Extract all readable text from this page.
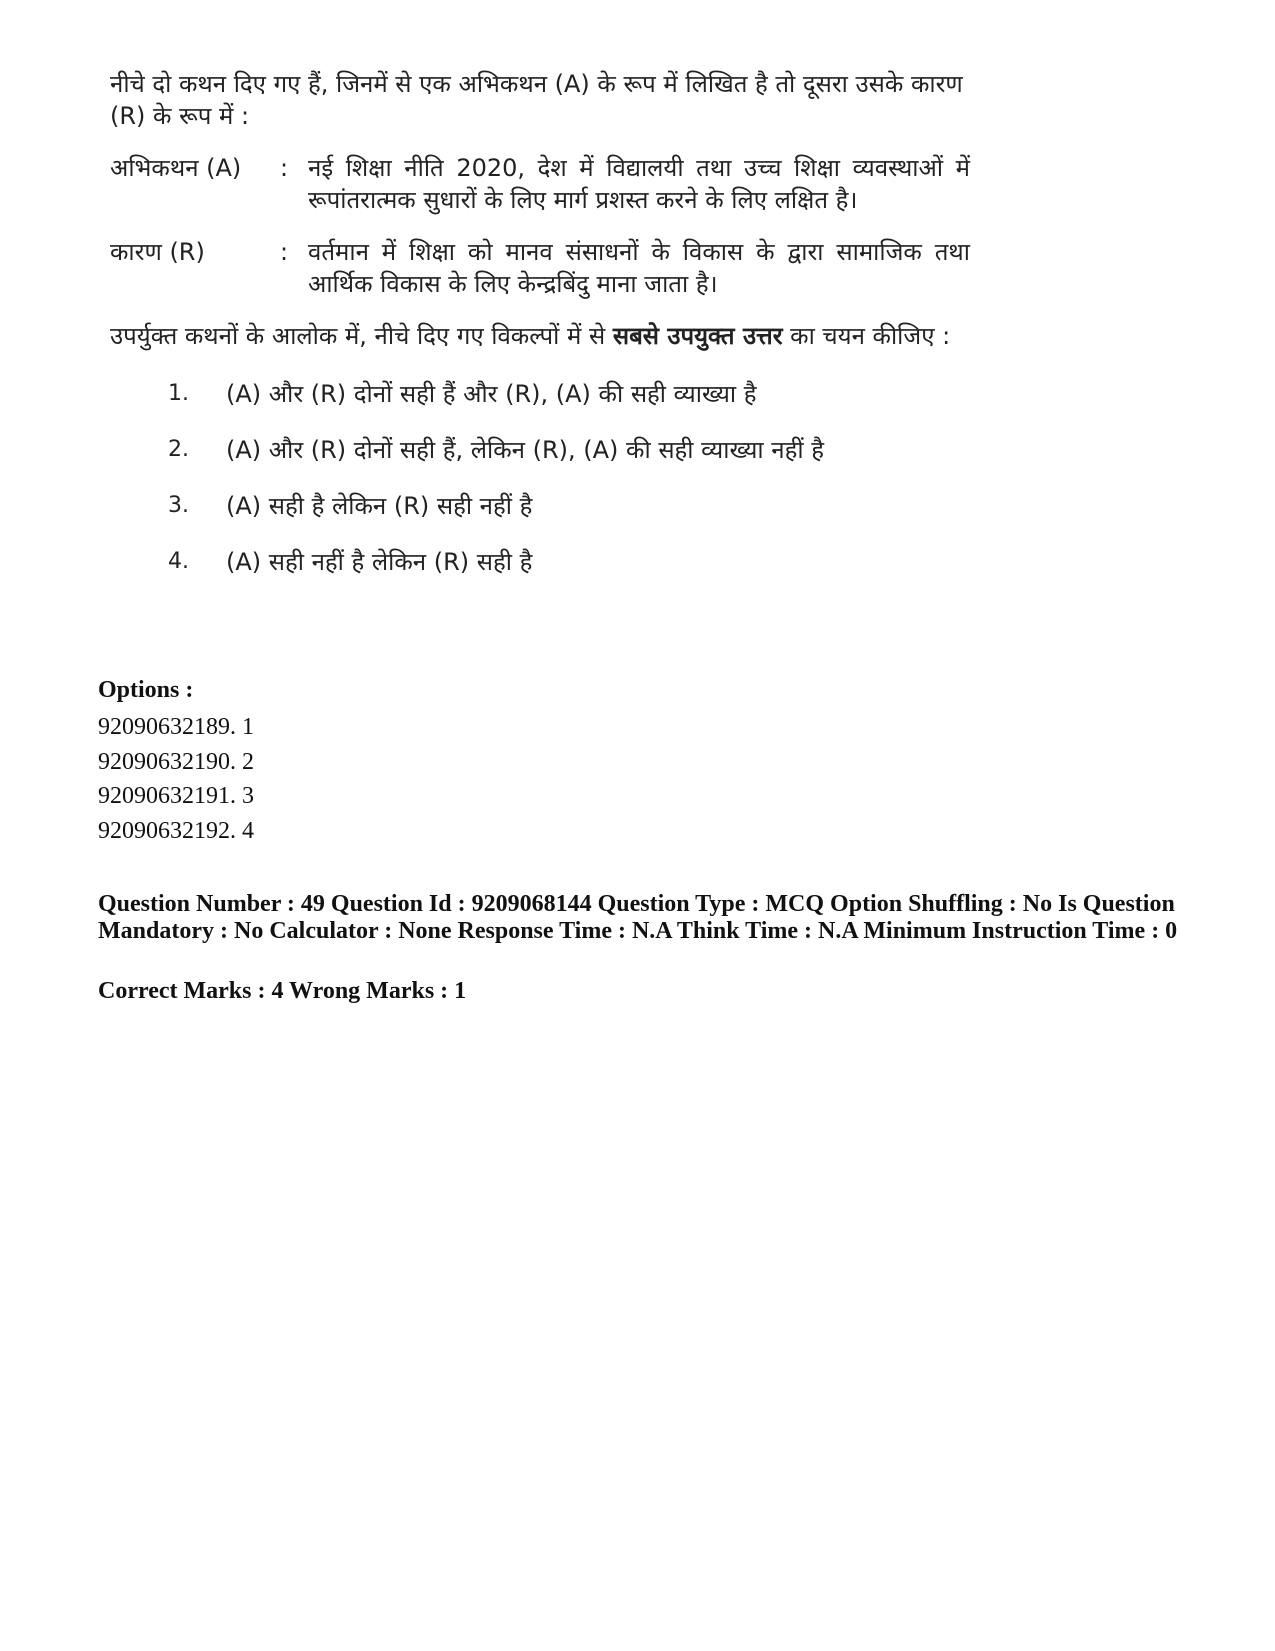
नीचे दो कथन दिए गए हैं, जिनमें से एक अभिकथन (A) के रूप में लिखित है तो दूसरा उसके कारण (R) के रूप में :

अभिकथन (A)	: नई शिक्षा नीति 2020, देश में विद्यालयी तथा उच्च शिक्षा व्यवस्थाओं में रूपांतरात्मक सुधारों के लिए मार्ग प्रशस्त करने के लिए लक्षित है।
कारण (R)	: वर्तमान में शिक्षा को मानव संसाधनों के विकास के द्वारा सामाजिक तथा आर्थिक विकास के लिए केन्द्रबिंदु माना जाता है।
उपर्युक्त कथनों के आलोक में, नीचे दिए गए विकल्पों में से सबसे उपयुक्त उत्तर का चयन कीजिए :
1.	(A) और (R) दोनों सही हैं और (R), (A) की सही व्याख्या है
2.	(A) और (R) दोनों सही हैं, लेकिन (R), (A) की सही व्याख्या नहीं है
3.	(A) सही है लेकिन (R) सही नहीं है
4.	(A) सही नहीं है लेकिन (R) सही है
Options :
92090632189. 1
92090632190. 2
92090632191. 3
92090632192. 4
Question Number : 49 Question Id : 9209068144 Question Type : MCQ Option Shuffling : No Is Question Mandatory : No Calculator : None Response Time : N.A Think Time : N.A Minimum Instruction Time : 0
Correct Marks : 4 Wrong Marks : 1
